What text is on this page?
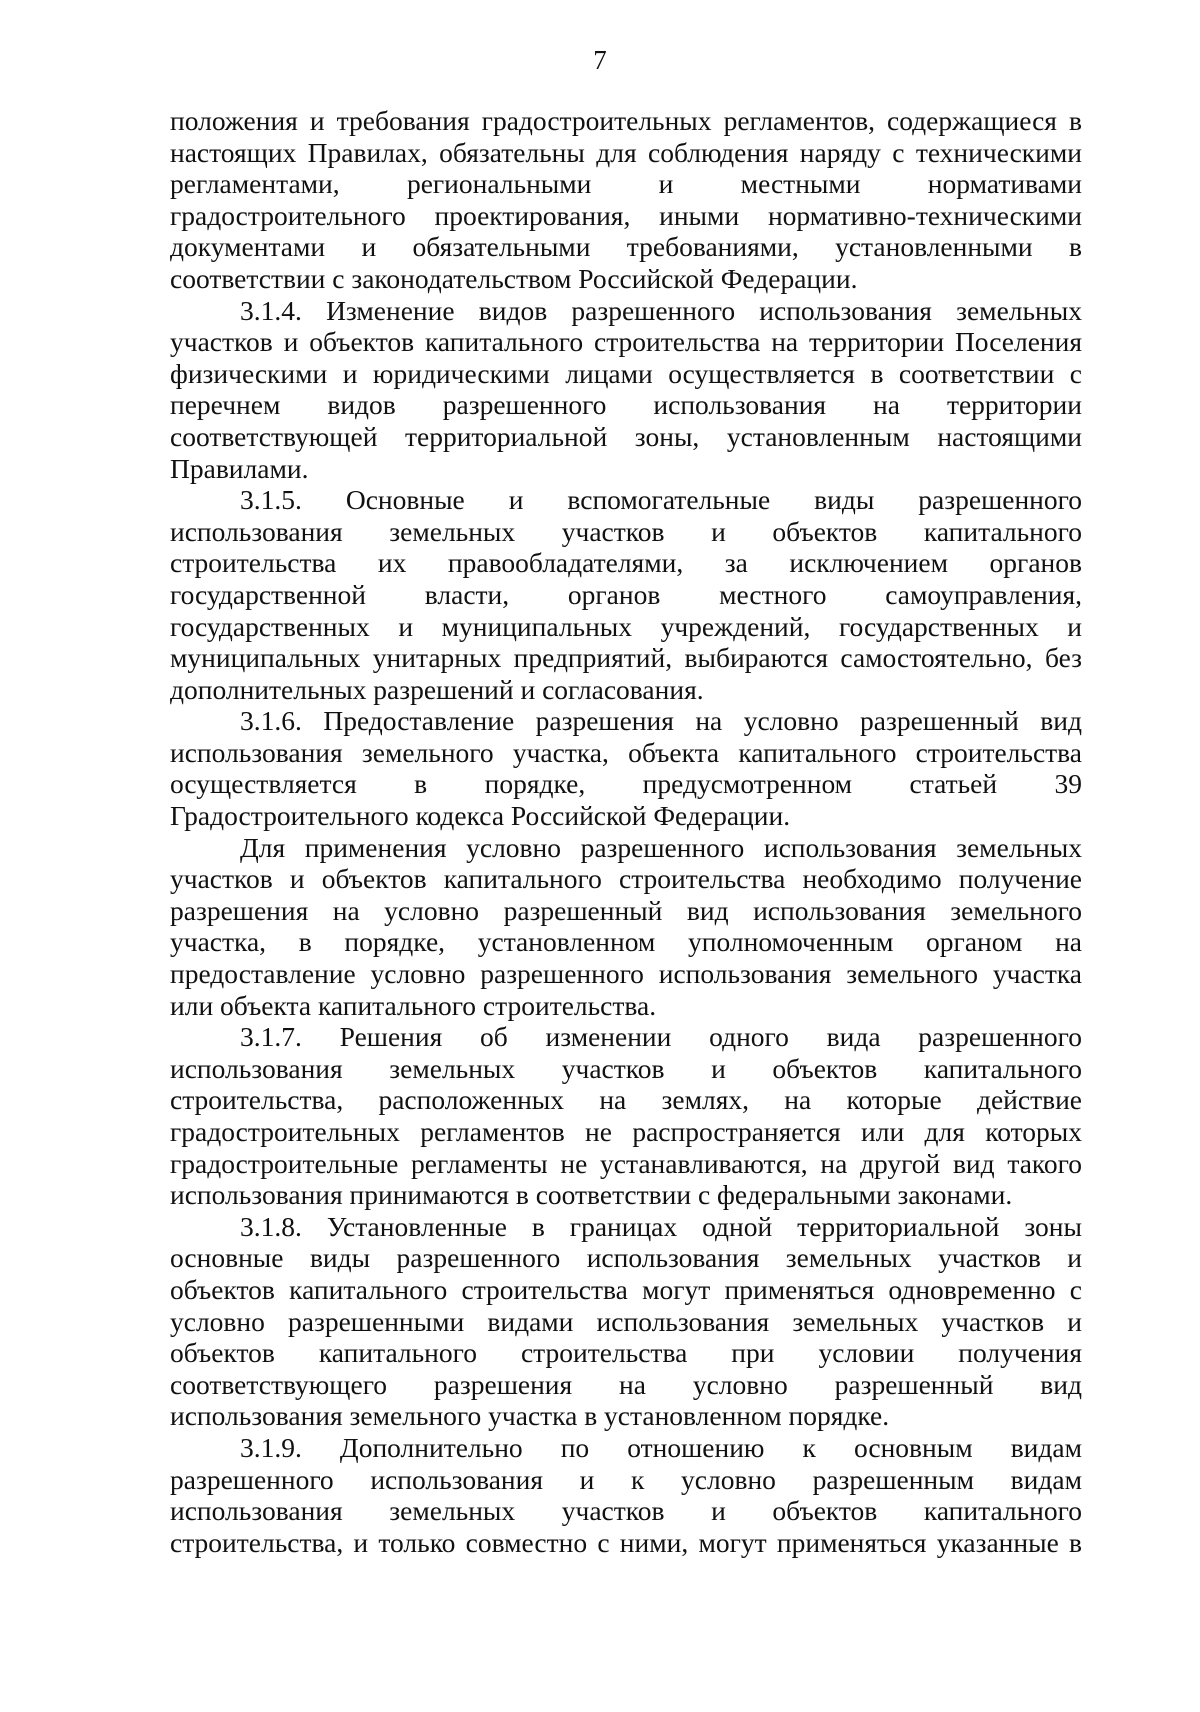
7
положения и требования градостроительных регламентов, содержащиеся в
настоящих Правилах, обязательны для соблюдения наряду с техническими
регламентами, региональными и местными нормативами
градостроительного проектирования, иными нормативно-техническими
документами и обязательными требованиями, установленными в
соответствии с законодательством Российской Федерации.
3.1.4. Изменение видов разрешенного использования земельных
участков и объектов капитального строительства на территории Поселения
физическими и юридическими лицами осуществляется в соответствии с
перечнем видов разрешенного использования на территории
соответствующей территориальной зоны, установленным настоящими
Правилами.
3.1.5. Основные и вспомогательные виды разрешенного
использования земельных участков и объектов капитального
строительства их правообладателями, за исключением органов
государственной власти, органов местного самоуправления,
государственных и муниципальных учреждений, государственных и
муниципальных унитарных предприятий, выбираются самостоятельно, без
дополнительных разрешений и согласования.
3.1.6. Предоставление разрешения на условно разрешенный вид
использования земельного участка, объекта капитального строительства
осуществляется в порядке, предусмотренном статьей 39
Градостроительного кодекса Российской Федерации.
Для применения условно разрешенного использования земельных
участков и объектов капитального строительства необходимо получение
разрешения на условно разрешенный вид использования земельного
участка, в порядке, установленном уполномоченным органом на
предоставление условно разрешенного использования земельного участка
или объекта капитального строительства.
3.1.7. Решения об изменении одного вида разрешенного
использования земельных участков и объектов капитального
строительства, расположенных на землях, на которые действие
градостроительных регламентов не распространяется или для которых
градостроительные регламенты не устанавливаются, на другой вид такого
использования принимаются в соответствии с федеральными законами.
3.1.8. Установленные в границах одной территориальной зоны
основные виды разрешенного использования земельных участков и
объектов капитального строительства могут применяться одновременно с
условно разрешенными видами использования земельных участков и
объектов капитального строительства при условии получения
соответствующего разрешения на условно разрешенный вид
использования земельного участка в установленном порядке.
3.1.9. Дополнительно по отношению к основным видам
разрешенного использования и к условно разрешенным видам
использования земельных участков и объектов капитального
строительства, и только совместно с ними, могут применяться указанные в
